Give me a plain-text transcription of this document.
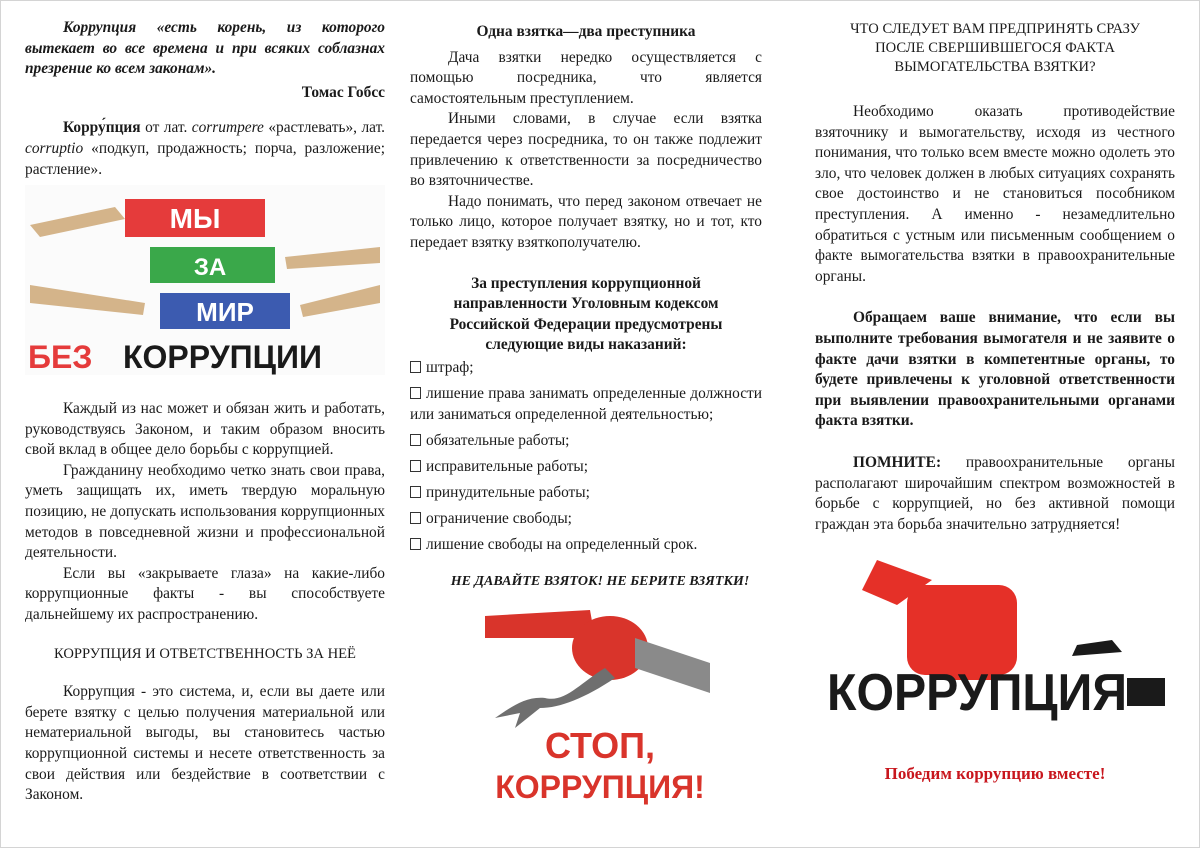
Коррупция «есть корень, из которого вытекает во все времена и при всяких соблазнах презрение ко всем законам».

Томас Гобсс

Корру́пция от лат. corrumpere «растлевать», лат. corruptio «подкуп, продажность; порча, разложение; растление».

МЫ
ЗА
МИР
БЕЗ КОРРУПЦИИ

Каждый из нас может и обязан жить и работать, руководствуясь Законом, и таким образом вносить свой вклад в общее дело борьбы с коррупцией.

Гражданину необходимо четко знать свои права, уметь защищать их, иметь твердую моральную позицию, не допускать использования коррупционных методов в повседневной жизни и профессиональной деятельности.

Если вы «закрываете глаза» на какие-либо коррупционные факты - вы способствуете дальнейшему их распространению.

КОРРУПЦИЯ И ОТВЕТСТВЕННОСТЬ ЗА НЕЁ

Коррупция - это система, и, если вы даете или берете взятку с целью получения материальной или нематериальной выгоды, вы становитесь частью коррупционной системы и несете ответственность за свои действия или бездействие в соответствии с Законом.

Одна взятка—два преступника

Дача взятки нередко осуществляется с помощью посредника, что является самостоятельным преступлением.

Иными словами, в случае если взятка передается через посредника, то он также подлежит привлечению к ответственности за посредничество во взяточничестве.

Надо понимать, что перед законом отвечает не только лицо, которое получает взятку, но и тот, кто передает взятку взяткополучателю.

За преступления коррупционной направленности Уголовным кодексом Российской Федерации предусмотрены следующие виды наказаний:

штраф;
лишение права занимать определенные должности или заниматься определенной деятельностью;
обязательные работы;
исправительные работы;
принудительные работы;
ограничение свободы;
лишение свободы на определенный срок.

НЕ ДАВАЙТЕ ВЗЯТОК! НЕ БЕРИТЕ ВЗЯТКИ!

СТОП,
КОРРУПЦИЯ!

ЧТО СЛЕДУЕТ ВАМ ПРЕДПРИНЯТЬ СРАЗУ ПОСЛЕ СВЕРШИВШЕГОСЯ ФАКТА ВЫМОГАТЕЛЬСТВА ВЗЯТКИ?

Необходимо оказать противодействие взяточнику и вымогательству, исходя из честного понимания, что только всем вместе можно одолеть это зло, что человек должен в любых ситуациях сохранять свое достоинство и не становиться пособником преступления. А именно - незамедлительно обратиться с устным или письменным сообщением о факте вымогательства взятки в правоохранительные органы.

Обращаем ваше внимание, что если вы выполните требования вымогателя и не заявите о факте дачи взятки в компетентные органы, то будете привлечены к уголовной ответственности при выявлении правоохранительными органами факта взятки.

ПОМНИТЕ: правоохранительные органы располагают широчайшим спектром возможностей в борьбе с коррупцией, но без активной помощи граждан эта борьба значительно затрудняется!

КОРРУПЦИЯ

Победим коррупцию вместе!
